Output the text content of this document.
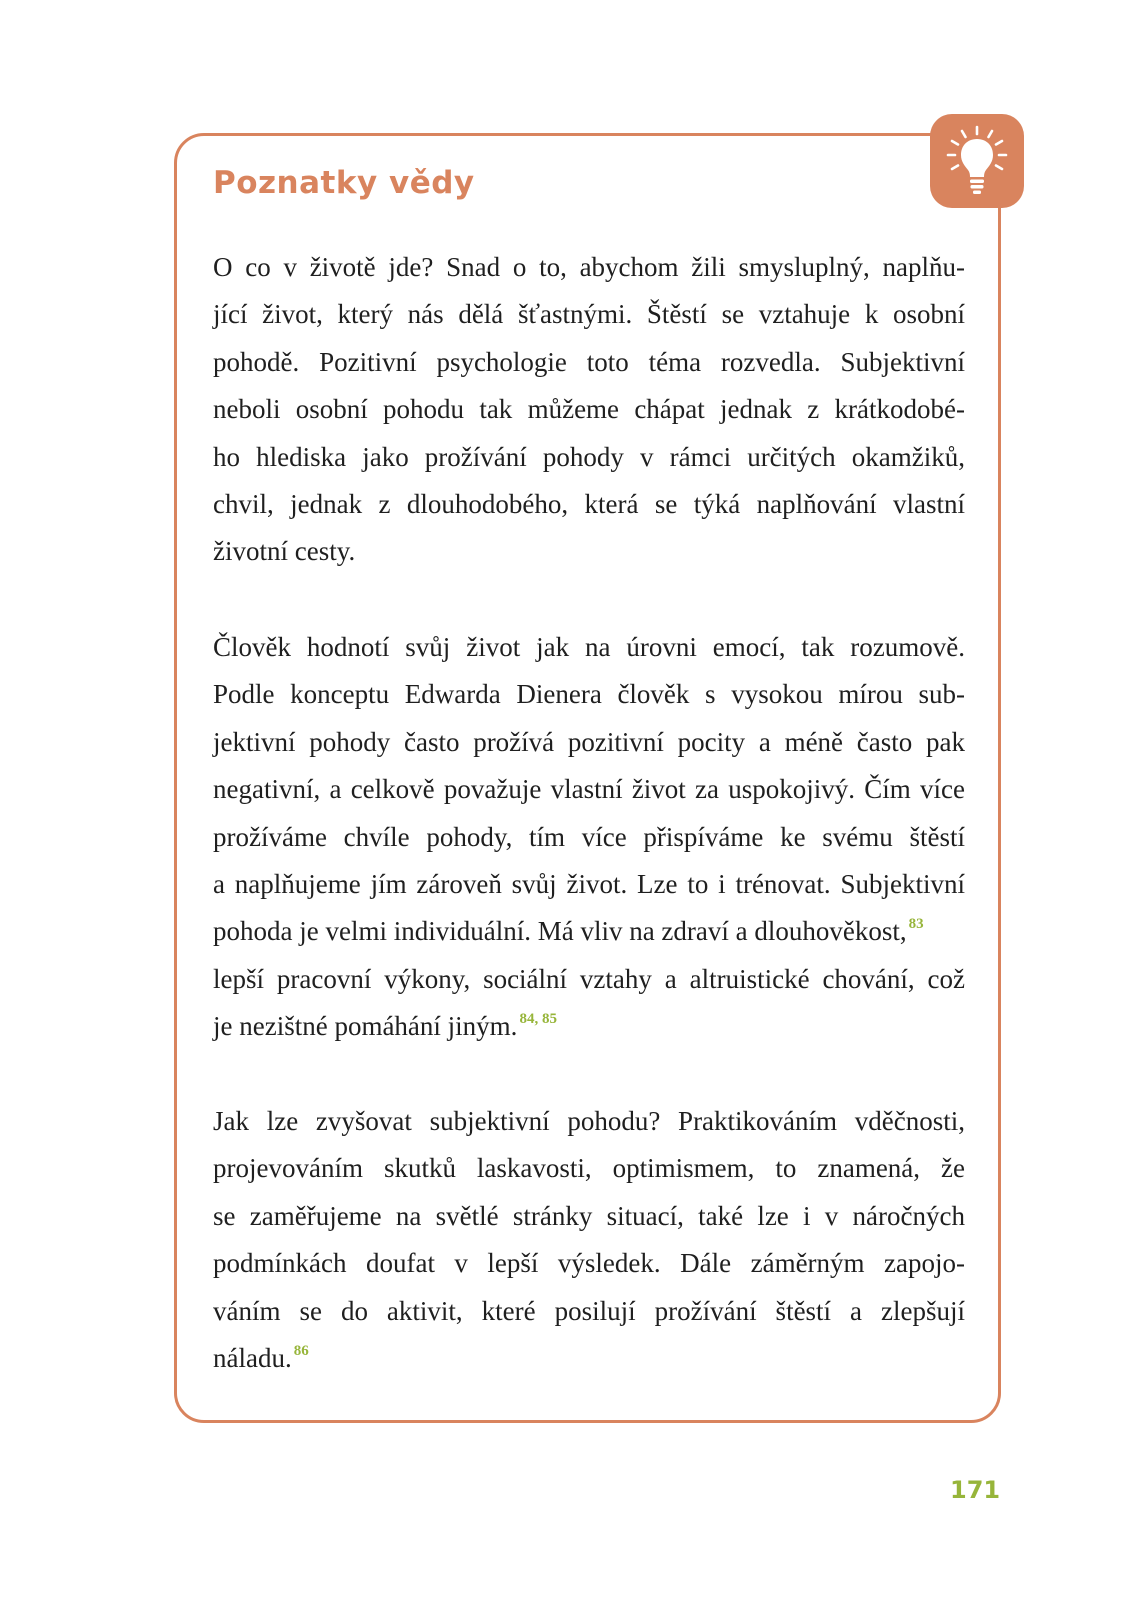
Poznatky vědy
O co v životě jde? Snad o to, abychom žili smysluplný, naplňu-
jící život, který nás dělá šťastnými. Štěstí se vztahuje k osobní
pohodě. Pozitivní psychologie toto téma rozvedla. Subjektivní
neboli osobní pohodu tak můžeme chápat jednak z krátkodobé-
ho hlediska jako prožívání pohody v rámci určitých okamžiků,
chvil, jednak z dlouhodobého, která se týká naplňování vlastní
životní cesty.
Člověk hodnotí svůj život jak na úrovni emocí, tak rozumově.
Podle konceptu Edwarda Dienera člověk s vysokou mírou sub-
jektivní pohody často prožívá pozitivní pocity a méně často pak
negativní, a celkově považuje vlastní život za uspokojivý. Čím více
prožíváme chvíle pohody, tím více přispíváme ke svému štěstí
a naplňujeme jím zároveň svůj život. Lze to i trénovat. Subjektivní
pohoda je velmi individuální. Má vliv na zdraví a dlouhověkost, $^{83}$
lepší pracovní výkony, sociální vztahy a altruistické chování, což
je nezištné pomáhání jiným. $^{84, 85}$
Jak lze zvyšovat subjektivní pohodu? Praktikováním vděčnosti,
projevováním skutků laskavosti, optimismem, to znamená, že
se zaměřujeme na světlé stránky situací, také lze i v náročných
podmínkách doufat v lepší výsledek. Dále záměrným zapojo-
váním se do aktivit, které posilují prožívání štěstí a zlepšují
náladu. $^{86}$

171
